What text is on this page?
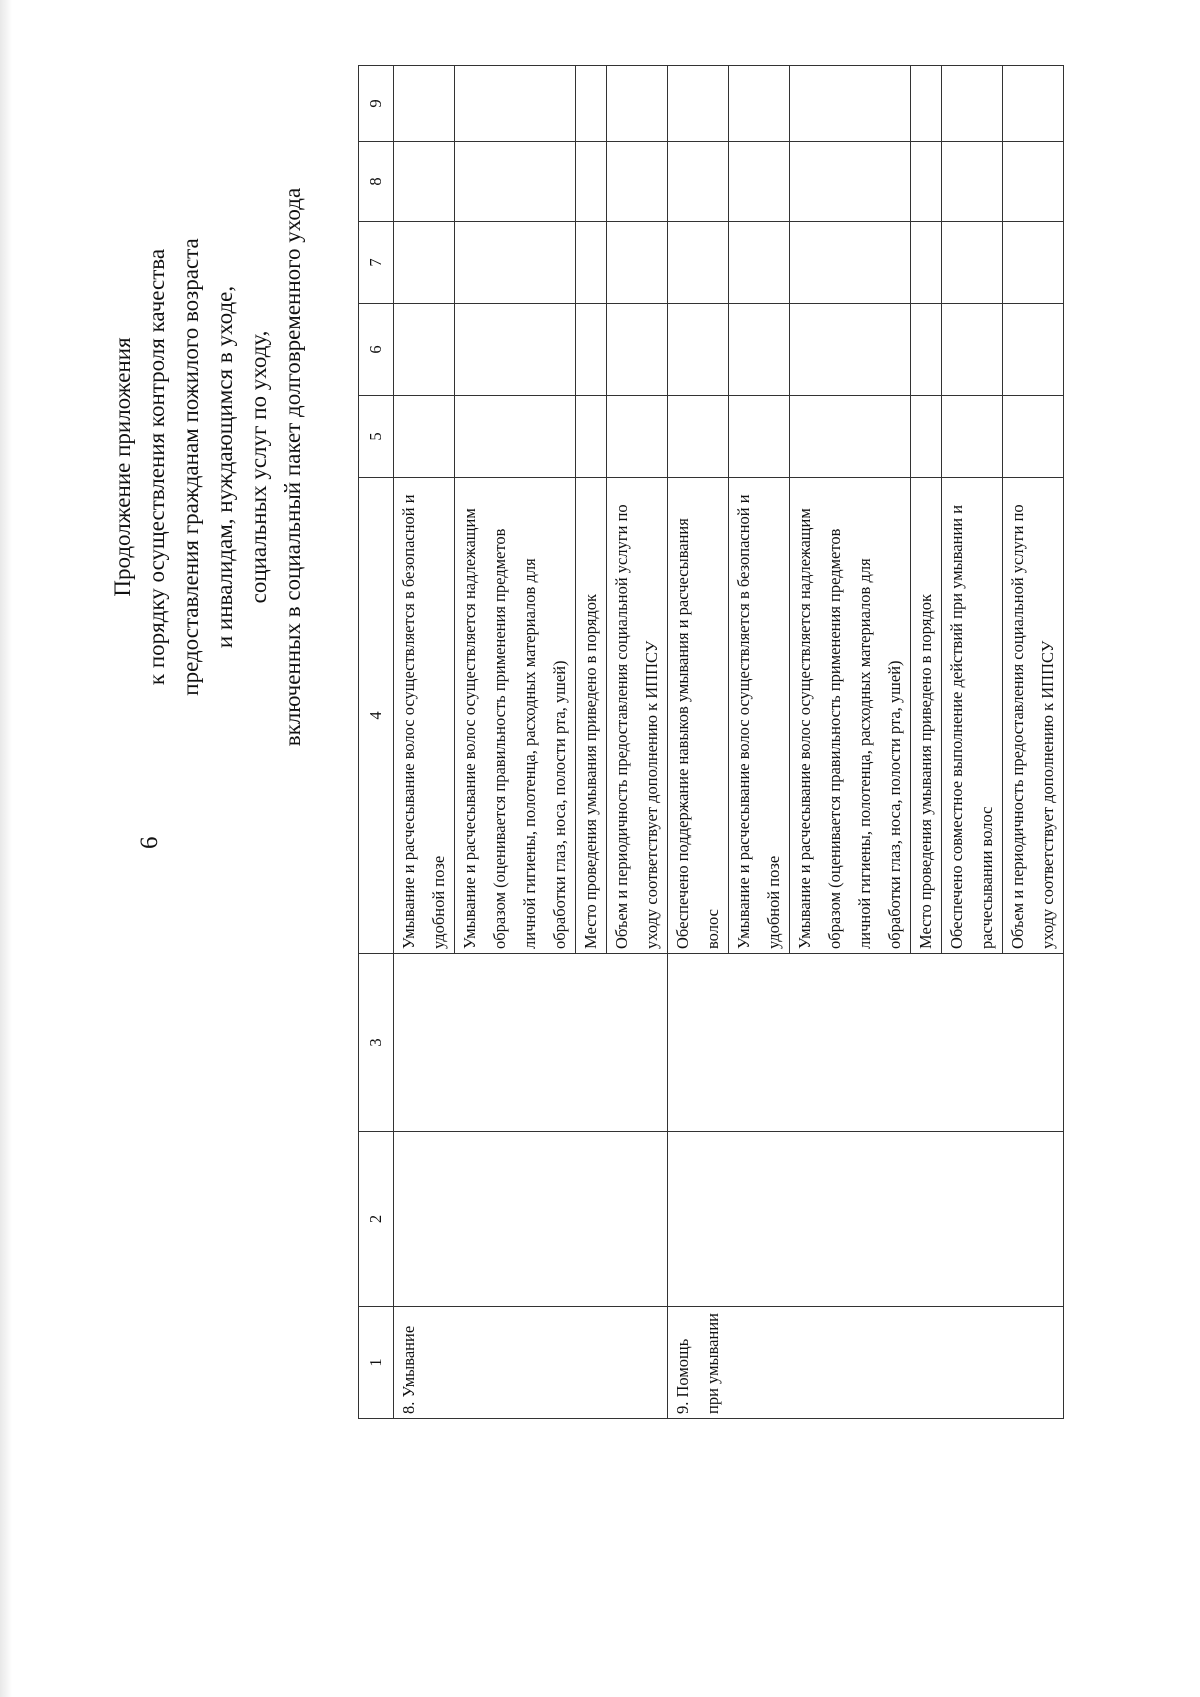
6
Продолжение приложения к порядку осуществления контроля качества предоставления гражданам пожилого возраста и инвалидам, нуждающимся в уходе, социальных услуг по уходу, включенных в социальный пакет долговременного ухода
1	2	3	4	5	6	7	8	9
8. Умывание			Умывание и расчесывание волос осуществляется в безопасной и удобной позе					
			Умывание и расчесывание волос осуществляется надлежащим образом (оценивается правильность применения предметов личной гигиены, полотенца, расходных материалов для обработки глаз, носа, полости рта, ушей)					
			Место проведения умывания приведено в порядок					
			Объем и периодичность предоставления социальной услуги по уходу соответствует дополнению к ИППСУ					
9. Помощь при умывании			Обеспечено поддержание навыков умывания и расчесывания волос					
			Умывание и расчесывание волос осуществляется в безопасной и удобной позе					
			Умывание и расчесывание волос осуществляется надлежащим образом (оценивается правильность применения предметов личной гигиены, полотенца, расходных материалов для обработки глаз, носа, полости рта, ушей)					
			Место проведения умывания приведено в порядок					
			Обеспечено совместное выполнение действий при умывании и расчесывании волос					
			Объем и периодичность предоставления социальной услуги по уходу соответствует дополнению к ИППСУ					
